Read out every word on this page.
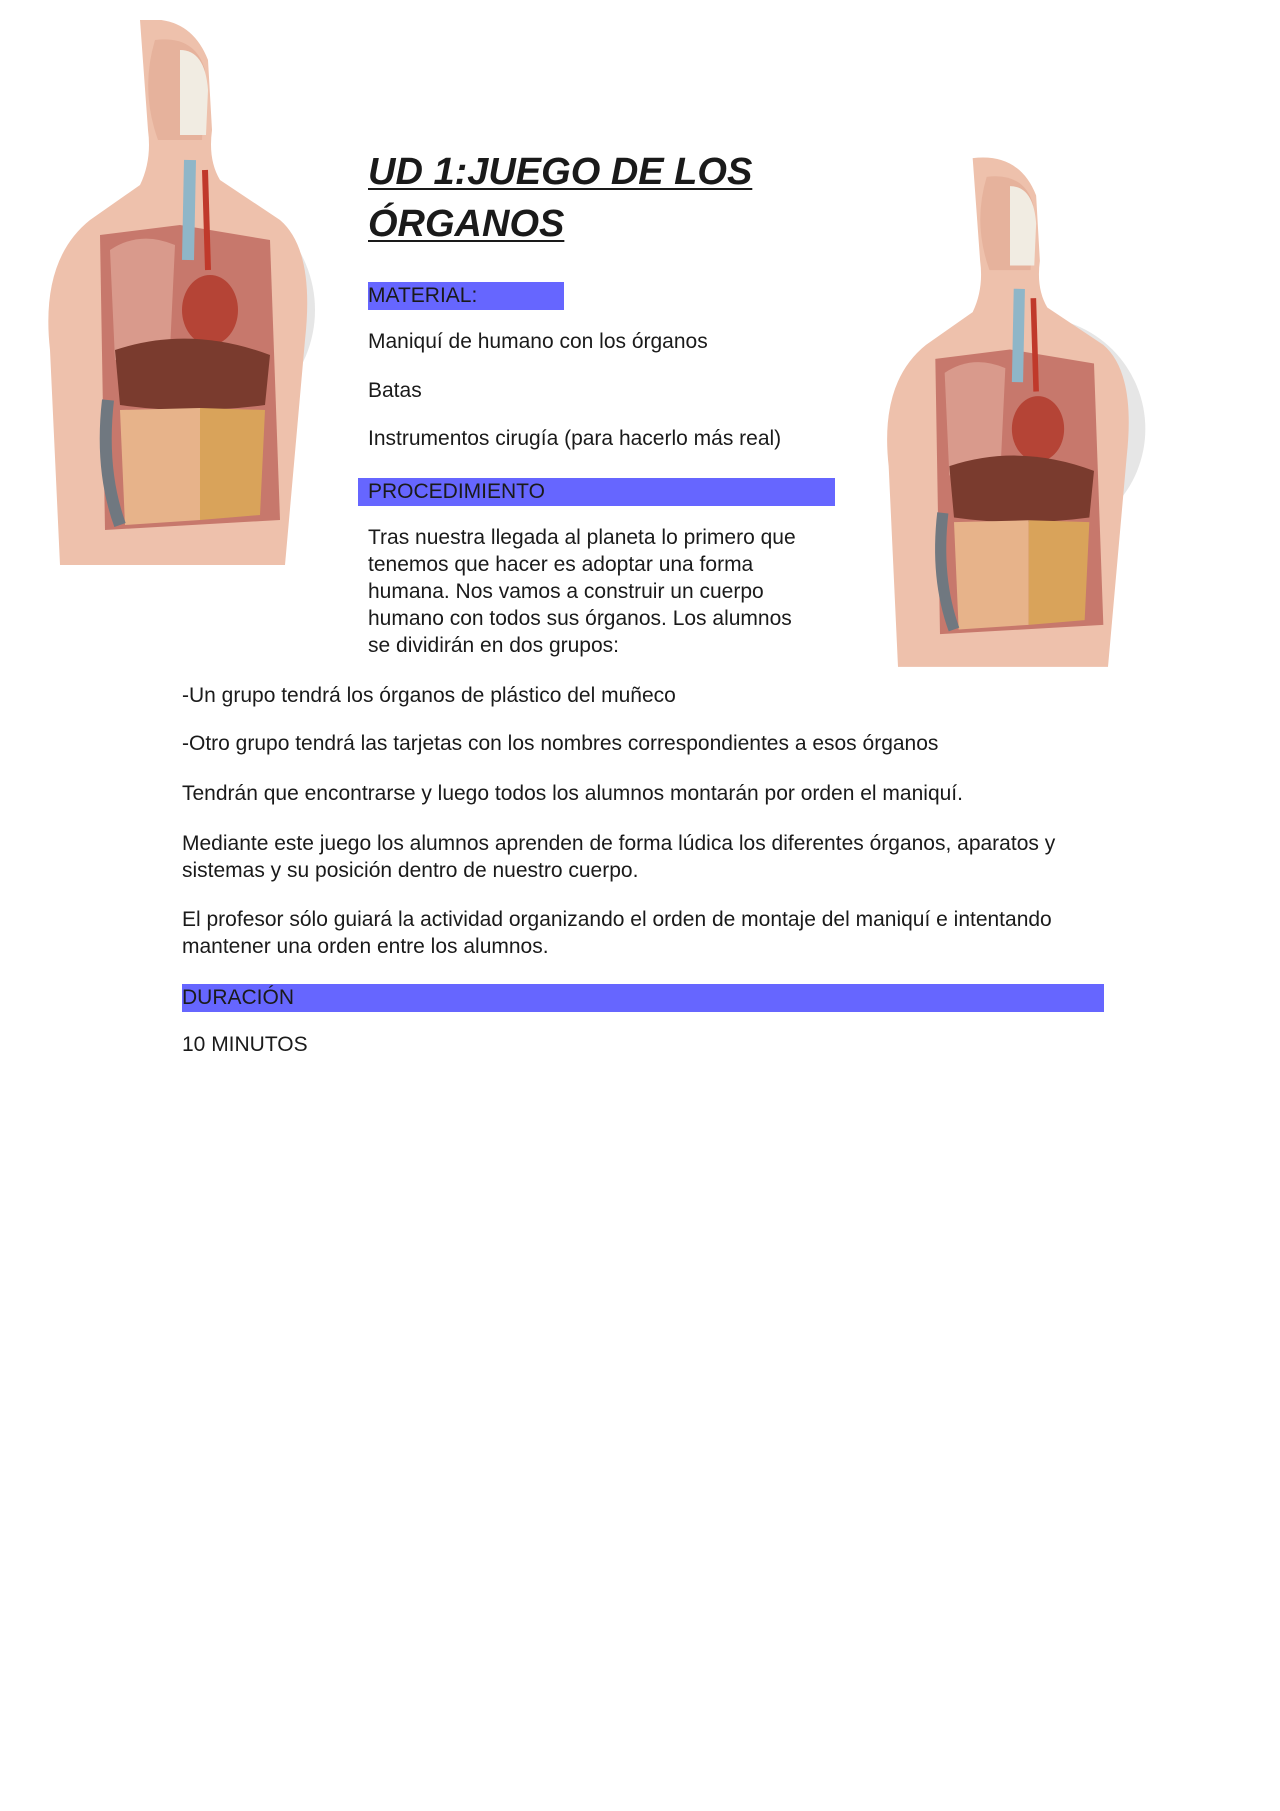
UD 1:JUEGO DE LOS
ÓRGANOS
MATERIAL:

Maniquí de humano con los órganos

Batas

Instrumentos cirugía (para hacerlo más real)

PROCEDIMIENTO

Tras nuestra llegada al planeta lo primero que

tenemos que hacer es adoptar una forma

humana. Nos vamos a construir un cuerpo

humano con todos sus órganos. Los alumnos

se dividirán en dos grupos:

-Un grupo tendrá los órganos de plástico del muñeco

-Otro grupo tendrá las tarjetas con los nombres correspondientes a esos órganos

Tendrán que encontrarse y luego todos los alumnos montarán por orden el maniquí.

Mediante este juego los alumnos aprenden de forma lúdica los diferentes órganos, aparatos y

sistemas y su posición dentro de nuestro cuerpo.

El profesor sólo guiará la actividad organizando el orden de montaje del maniquí e intentando

mantener una orden entre los alumnos.

DURACIÓN

10 MINUTOS
